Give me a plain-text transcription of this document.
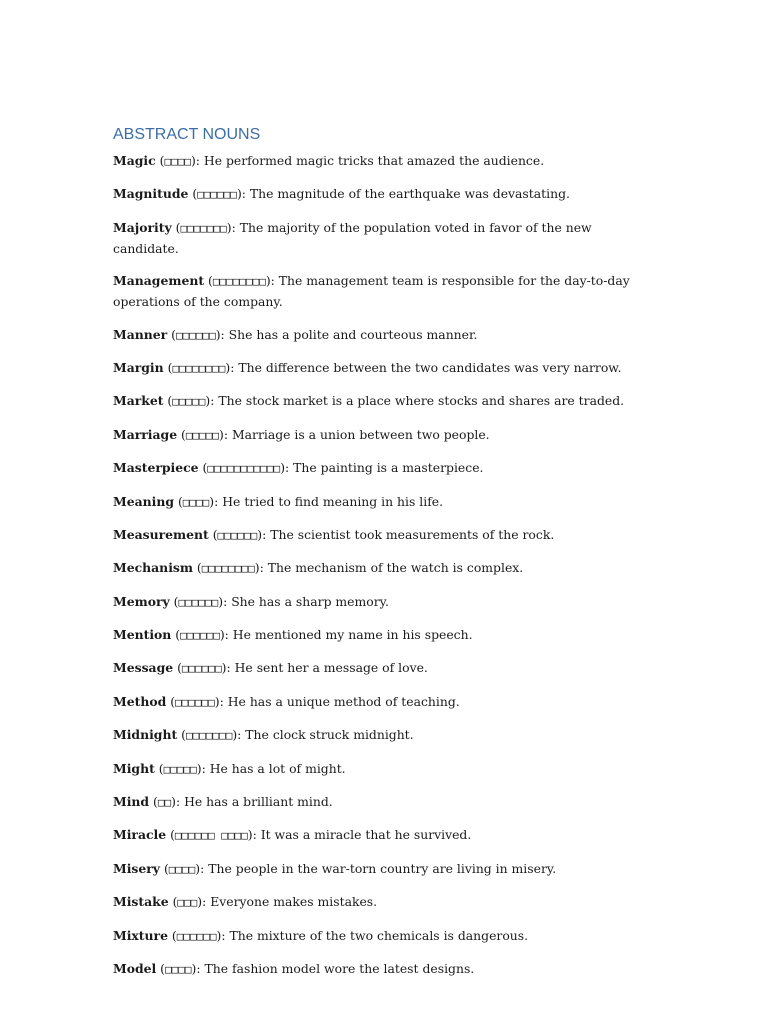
ABSTRACT NOUNS
Magic (□□□□): He performed magic tricks that amazed the audience.
Magnitude (□□□□□□): The magnitude of the earthquake was devastating.
Majority (□□□□□□□): The majority of the population voted in favor of the new candidate.
Management (□□□□□□□□): The management team is responsible for the day-to-day operations of the company.
Manner (□□□□□□): She has a polite and courteous manner.
Margin (□□□□□□□□): The difference between the two candidates was very narrow.
Market (□□□□□): The stock market is a place where stocks and shares are traded.
Marriage (□□□□□): Marriage is a union between two people.
Masterpiece (□□□□□□□□□□□): The painting is a masterpiece.
Meaning (□□□□): He tried to find meaning in his life.
Measurement (□□□□□□): The scientist took measurements of the rock.
Mechanism (□□□□□□□□): The mechanism of the watch is complex.
Memory (□□□□□□): She has a sharp memory.
Mention (□□□□□□): He mentioned my name in his speech.
Message (□□□□□□): He sent her a message of love.
Method (□□□□□□): He has a unique method of teaching.
Midnight (□□□□□□□): The clock struck midnight.
Might (□□□□□): He has a lot of might.
Mind (□□): He has a brilliant mind.
Miracle (□□□□□□ □□□□): It was a miracle that he survived.
Misery (□□□□): The people in the war-torn country are living in misery.
Mistake (□□□): Everyone makes mistakes.
Mixture (□□□□□□): The mixture of the two chemicals is dangerous.
Model (□□□□): The fashion model wore the latest designs.
